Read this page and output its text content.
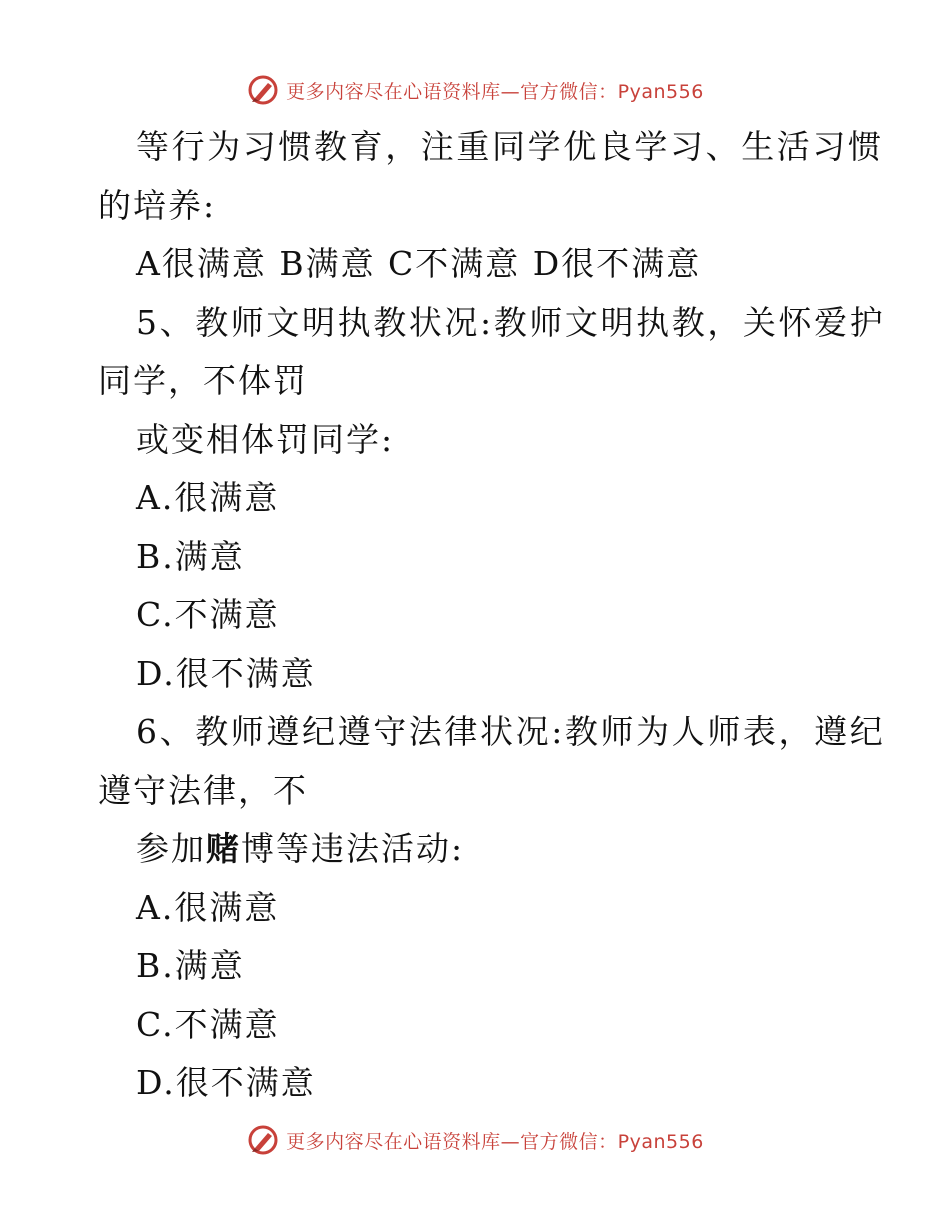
更多内容尽在心语资料库—官方微信：Pyan556
等行为习惯教育，注重同学优良学习、生活习惯
的培养:
A很满意 B满意 C不满意 D很不满意
5、教师文明执教状况:教师文明执教，关怀爱护
同学，不体罚
或变相体罚同学:
A.很满意
B.满意
C.不满意
D.很不满意
6、教师遵纪遵守法律状况:教师为人师表，遵纪
遵守法律，不
参加赌博等违法活动:
A.很满意
B.满意
C.不满意
D.很不满意
更多内容尽在心语资料库—官方微信：Pyan556
